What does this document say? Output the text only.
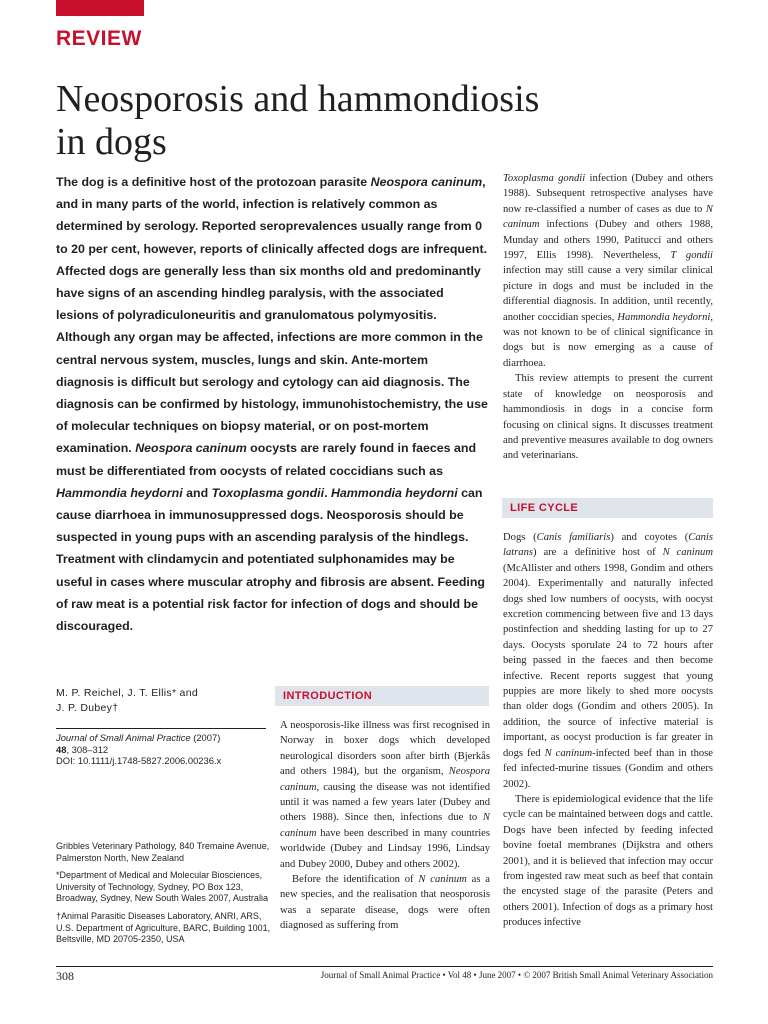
REVIEW
Neosporosis and hammondiosis
in dogs

The dog is a definitive host of the protozoan parasite Neospora caninum, and in many parts of the world, infection is relatively common as determined by serology. Reported seroprevalences usually range from 0 to 20 per cent, however, reports of clinically affected dogs are infrequent. Affected dogs are generally less than six months old and predominantly have signs of an ascending hindleg paralysis, with the associated lesions of polyradiculoneuritis and granulomatous polymyositis. Although any organ may be affected, infections are more common in the central nervous system, muscles, lungs and skin. Ante-mortem diagnosis is difficult but serology and cytology can aid diagnosis. The diagnosis can be confirmed by histology, immunohistochemistry, the use of molecular techniques on biopsy material, or on post-mortem examination. Neospora caninum oocysts are rarely found in faeces and must be differentiated from oocysts of related coccidians such as Hammondia heydorni and Toxoplasma gondii. Hammondia heydorni can cause diarrhoea in immunosuppressed dogs. Neosporosis should be suspected in young pups with an ascending paralysis of the hindlegs. Treatment with clindamycin and potentiated sulphonamides may be useful in cases where muscular atrophy and fibrosis are absent. Feeding of raw meat is a potential risk factor for infection of dogs and should be discouraged.

M. P. Reichel, J. T. Ellis* and
J. P. Dubey†
Journal of Small Animal Practice (2007)
48, 308–312
DOI: 10.1111/j.1748-5827.2006.00236.x

Gribbles Veterinary Pathology, 840 Tremaine Avenue, Palmerston North, New Zealand

*Department of Medical and Molecular Biosciences, University of Technology, Sydney, PO Box 123, Broadway, Sydney, New South Wales 2007, Australia

†Animal Parasitic Diseases Laboratory, ANRI, ARS, U.S. Department of Agriculture, BARC, Building 1001, Beltsville, MD 20705-2350, USA

INTRODUCTION

A neosporosis-like illness was first recognised in Norway in boxer dogs which developed neurological disorders soon after birth (Bjerkås and others 1984), but the organism, Neospora caninum, causing the disease was not identified until it was named a few years later (Dubey and others 1988). Since then, infections due to N caninum have been described in many countries worldwide (Dubey and Lindsay 1996, Lindsay and Dubey 2000, Dubey and others 2002).

Before the identification of N caninum as a new species, and the realisation that neosporosis was a separate disease, dogs were often diagnosed as suffering from

Toxoplasma gondii infection (Dubey and others 1988). Subsequent retrospective analyses have now re-classified a number of cases as due to N caninum infections (Dubey and others 1988, Munday and others 1990, Patitucci and others 1997, Ellis 1998). Nevertheless, T gondii infection may still cause a very similar clinical picture in dogs and must be included in the differential diagnosis. In addition, until recently, another coccidian species, Hammondia heydorni, was not known to be of clinical significance in dogs but is now emerging as a cause of diarrhoea.

This review attempts to present the current state of knowledge on neosporosis and hammondiosis in dogs in a concise form focusing on clinical signs. It discusses treatment and preventive measures available to dog owners and veterinarians.

LIFE CYCLE

Dogs (Canis familiaris) and coyotes (Canis latrans) are a definitive host of N caninum (McAllister and others 1998, Gondim and others 2004). Experimentally and naturally infected dogs shed low numbers of oocysts, with oocyst excretion commencing between five and 13 days postinfection and shedding lasting for up to 27 days. Oocysts sporulate 24 to 72 hours after being passed in the faeces and then become infective. Recent reports suggest that young puppies are more likely to shed more oocysts than older dogs (Gondim and others 2005). In addition, the source of infective material is important, as oocyst production is far greater in dogs fed N caninum-infected beef than in those fed infected-murine tissues (Gondim and others 2002).

There is epidemiological evidence that the life cycle can be maintained between dogs and cattle. Dogs have been infected by feeding infected bovine foetal membranes (Dijkstra and others 2001), and it is believed that infection may occur from ingested raw meat such as beef that contain the encysted stage of the parasite (Peters and others 2001). Infection of dogs as a primary host produces infective

308	Journal of Small Animal Practice • Vol 48 • June 2007 • © 2007 British Small Animal Veterinary Association
